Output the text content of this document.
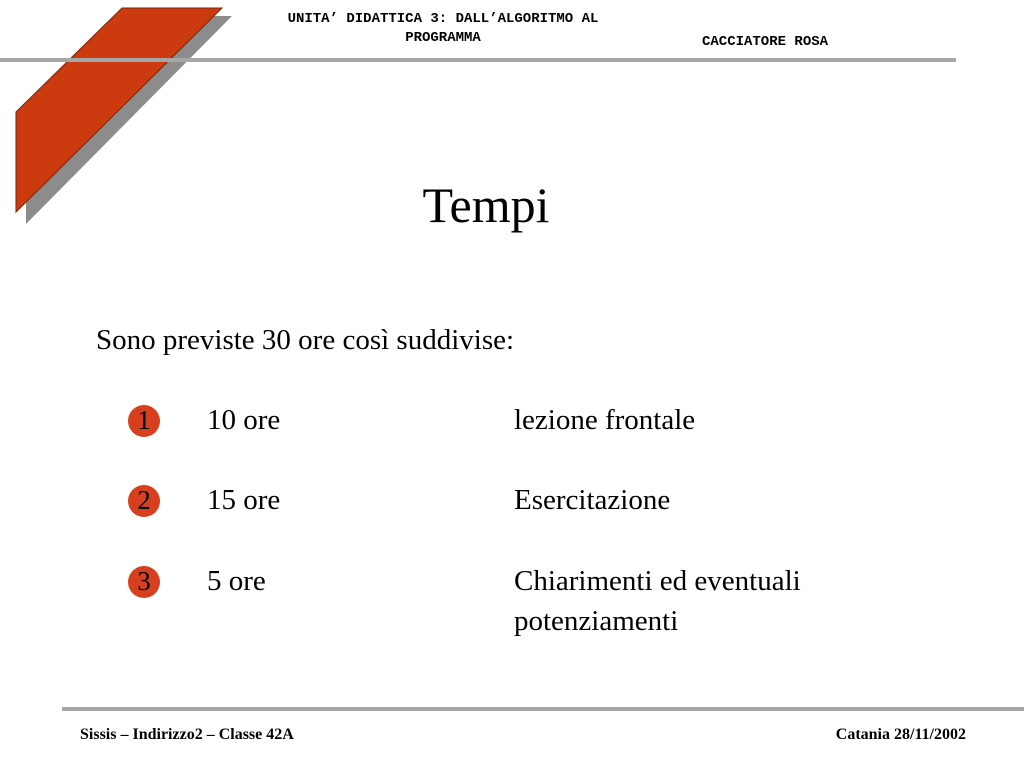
UNITA’ DIDATTICA 3: DALL’ALGORITMO AL
PROGRAMMA	CACCIATORE ROSA
Tempi
Sono previste 30 ore così suddivise:
1	10 ore	lezione frontale
2	15 ore	Esercitazione
3	5 ore	Chiarimenti ed eventuali
potenziamenti
Sissis – Indirizzo2 – Classe 42A	Catania 28/11/2002
